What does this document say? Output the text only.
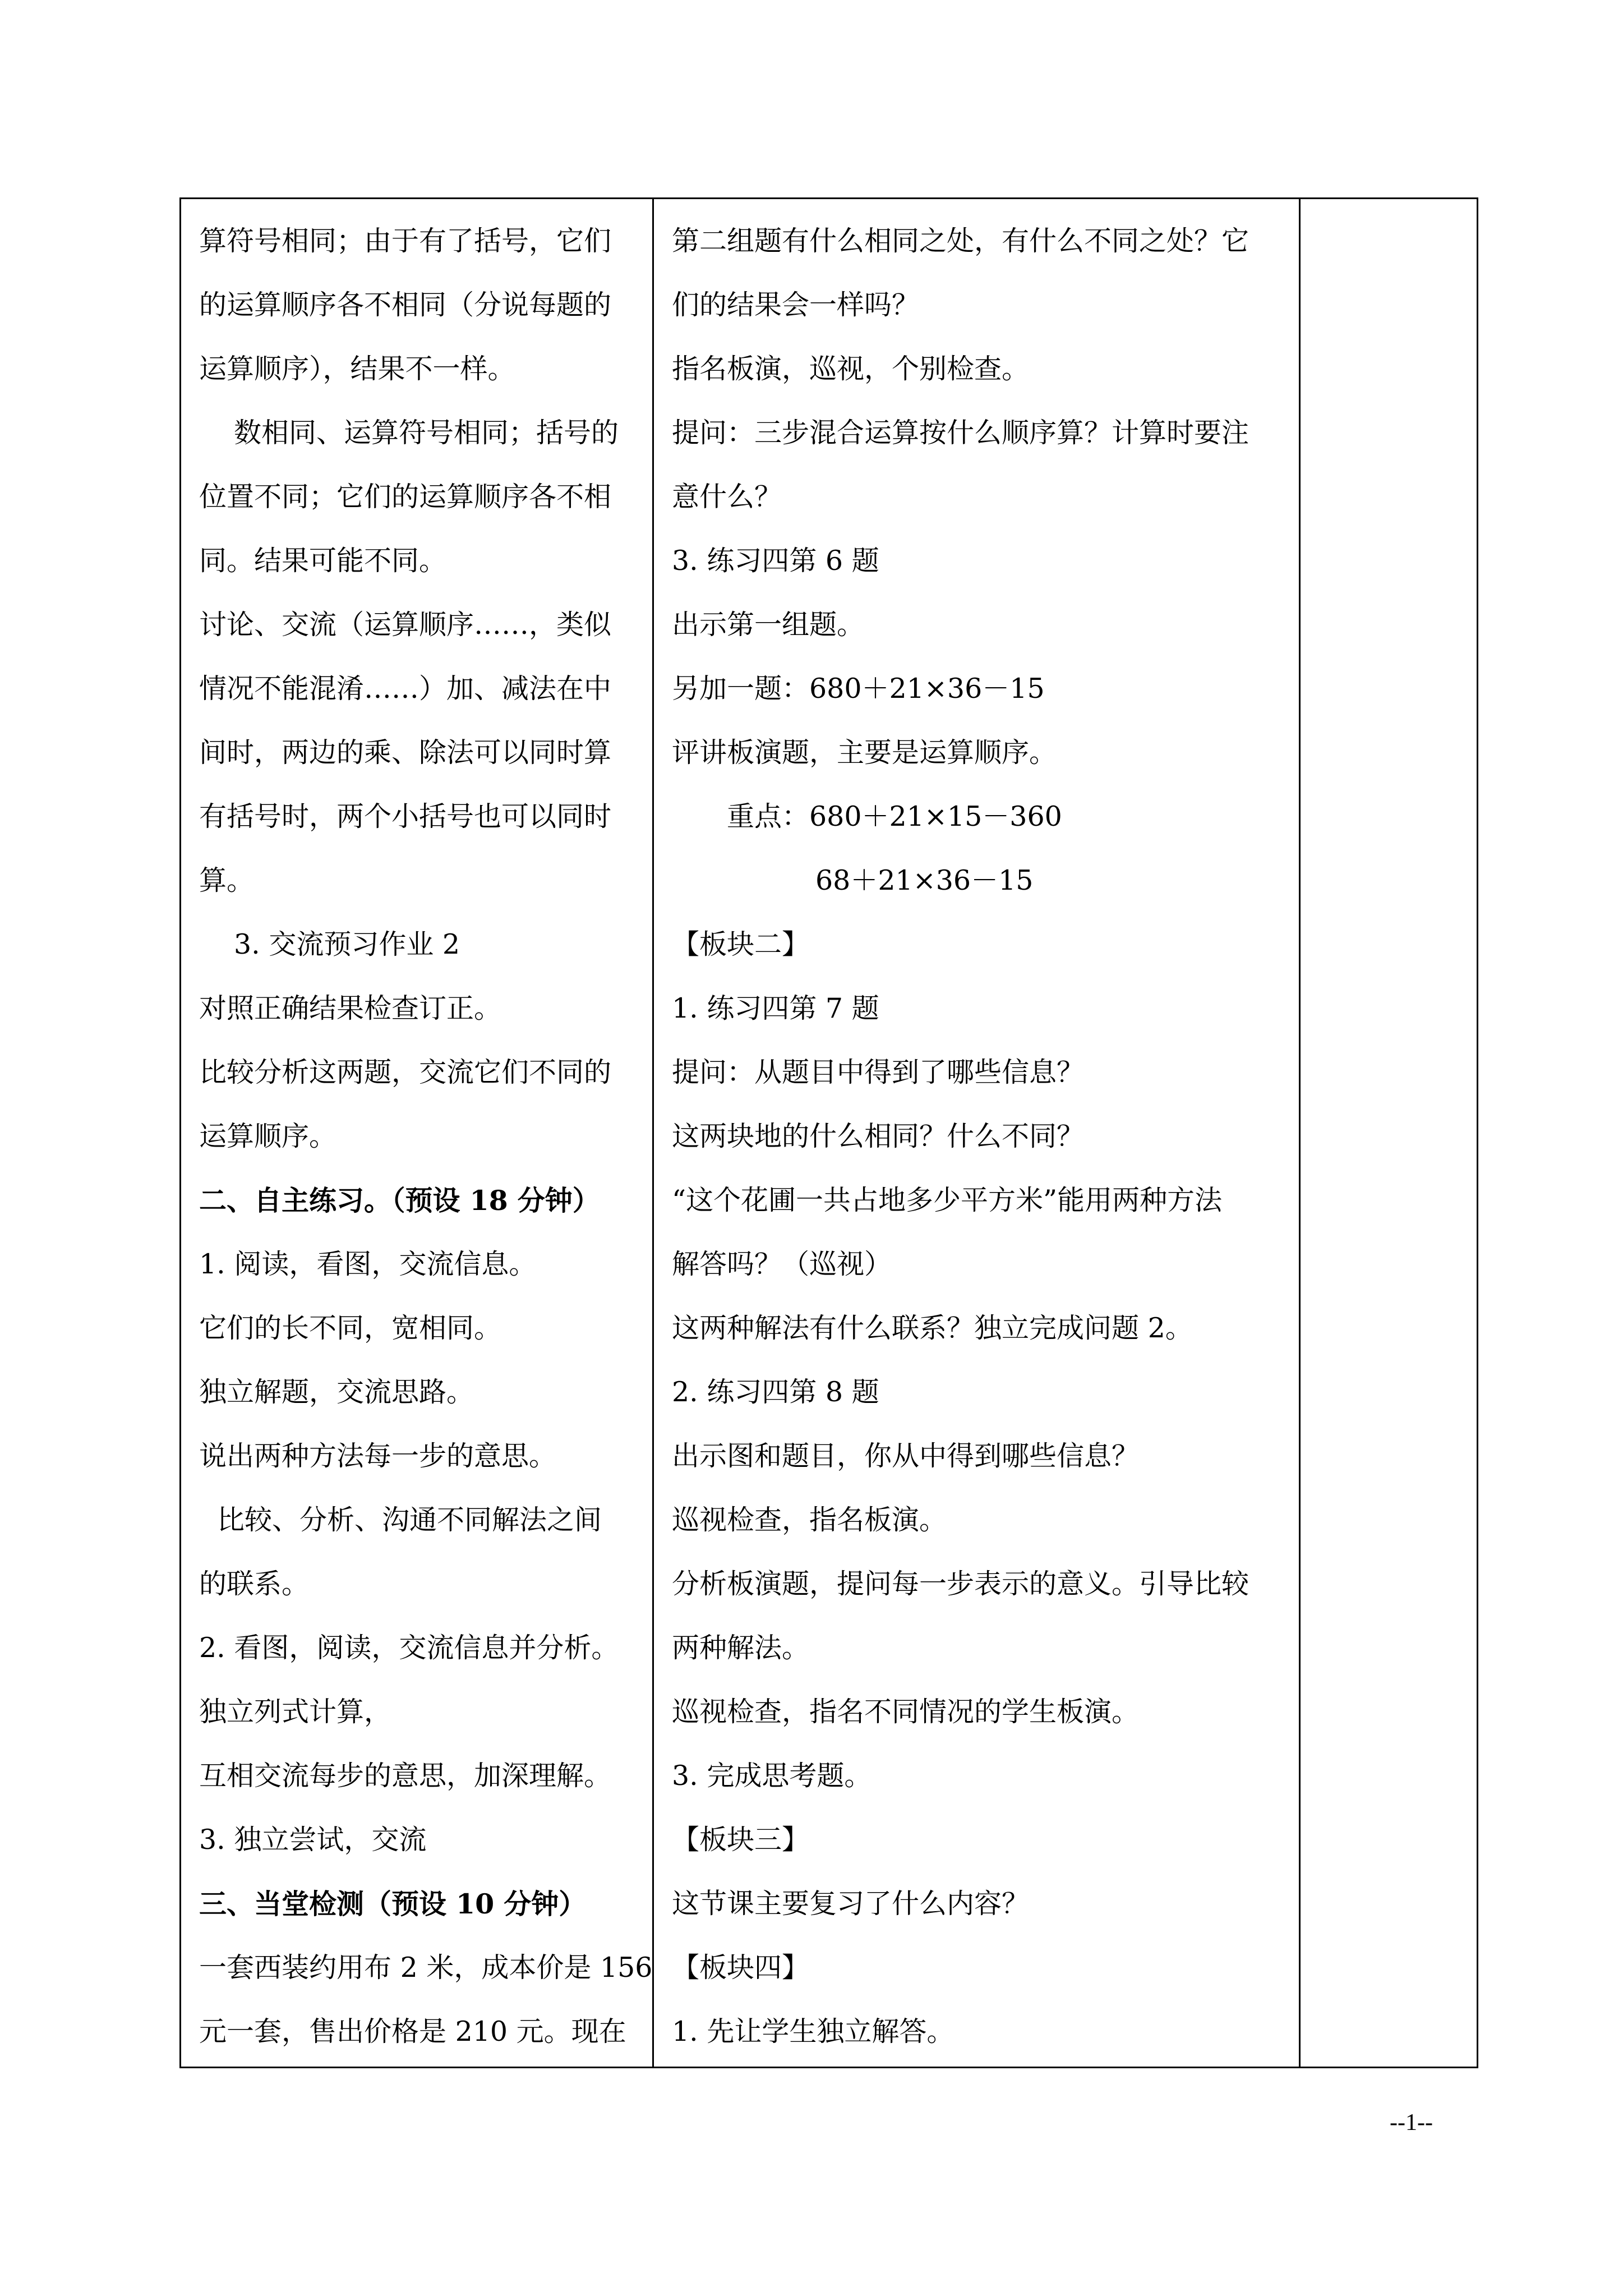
算符号相同；由于有了括号，它们
的运算顺序各不相同（分说每题的
运算顺序），结果不一样。
数相同、运算符号相同；括号的
位置不同；它们的运算顺序各不相
同。结果可能不同。
讨论、交流（运算顺序……，类似
情况不能混淆……）加、减法在中
间时，两边的乘、除法可以同时算
有括号时，两个小括号也可以同时
算。
3. 交流预习作业 2
对照正确结果检查订正。
比较分析这两题，交流它们不同的
运算顺序。
二、自主练习。（预设 18 分钟）
1. 阅读，看图，交流信息。
它们的长不同，宽相同。
独立解题，交流思路。
说出两种方法每一步的意思。
比较、分析、沟通不同解法之间
的联系。
2. 看图，阅读，交流信息并分析。
独立列式计算，
互相交流每步的意思，加深理解。
3. 独立尝试，交流
三、当堂检测（预设 10 分钟）
一套西装约用布 2 米，成本价是 156
元一套，售出价格是 210 元。现在

第二组题有什么相同之处，有什么不同之处？它
们的结果会一样吗？
指名板演，巡视，个别检查。
提问：三步混合运算按什么顺序算？计算时要注
意什么？
3. 练习四第 6 题
出示第一组题。
另加一题：680＋21×36－15
评讲板演题，主要是运算顺序。
重点：680＋21×15－360
68＋21×36－15
【板块二】
1. 练习四第 7 题
提问：从题目中得到了哪些信息？
这两块地的什么相同？什么不同？
“这个花圃一共占地多少平方米”能用两种方法
解答吗？（巡视）
这两种解法有什么联系？独立完成问题 2。
2. 练习四第 8 题
出示图和题目，你从中得到哪些信息？
巡视检查，指名板演。
分析板演题，提问每一步表示的意义。引导比较
两种解法。
巡视检查，指名不同情况的学生板演。
3. 完成思考题。
【板块三】
这节课主要复习了什么内容？
【板块四】
1. 先让学生独立解答。

--1--
